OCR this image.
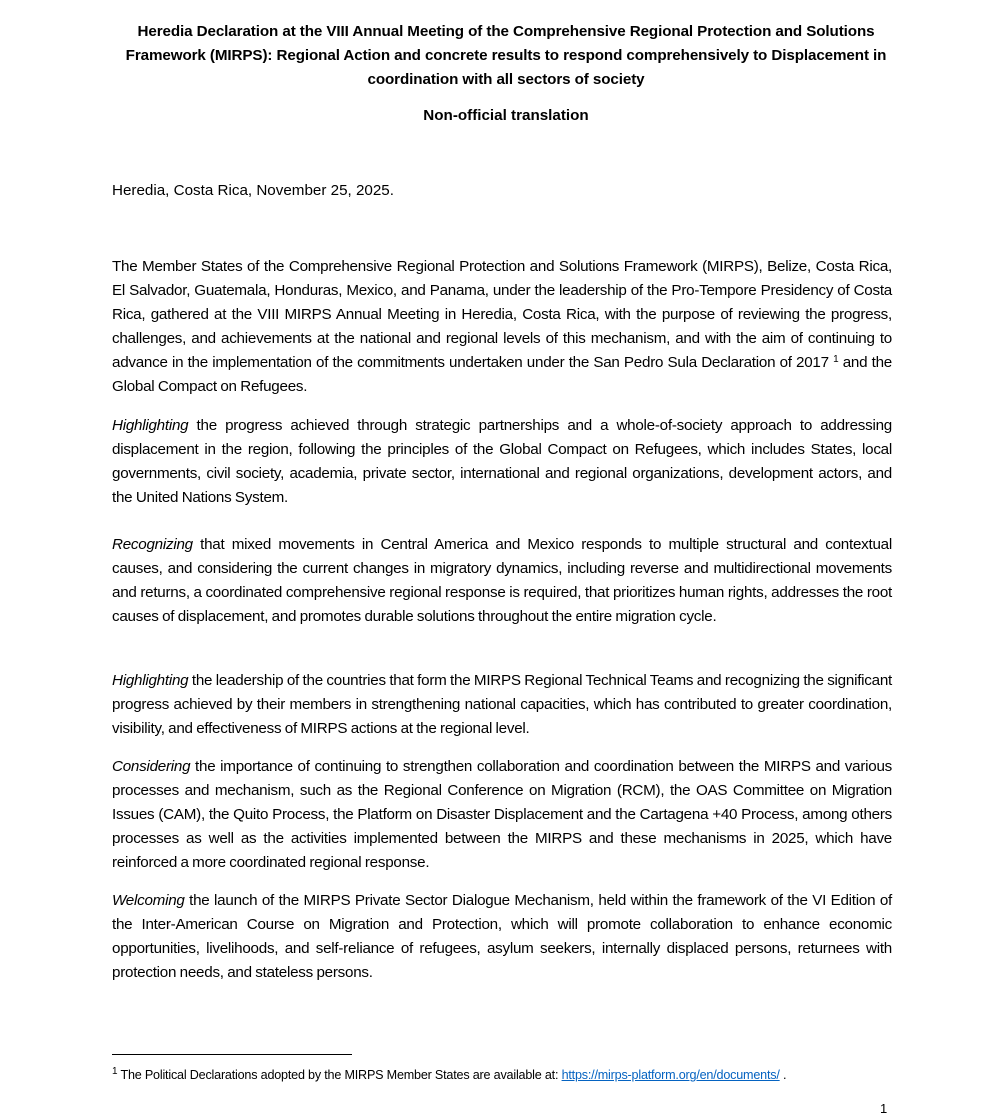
Heredia Declaration at the VIII Annual Meeting of the Comprehensive Regional Protection and Solutions Framework (MIRPS): Regional Action and concrete results to respond comprehensively to Displacement in coordination with all sectors of society
Non-official translation
Heredia, Costa Rica, November 25, 2025.

The Member States of the Comprehensive Regional Protection and Solutions Framework (MIRPS), Belize, Costa Rica, El Salvador, Guatemala, Honduras, Mexico, and Panama, under the leadership of the Pro-Tempore Presidency of Costa Rica, gathered at the VIII MIRPS Annual Meeting in Heredia, Costa Rica, with the purpose of reviewing the progress, challenges, and achievements at the national and regional levels of this mechanism, and with the aim of continuing to advance in the implementation of the commitments undertaken under the San Pedro Sula Declaration of 2017 $^1$ and the Global Compact on Refugees.

Highlighting the progress achieved through strategic partnerships and a whole-of-society approach to addressing displacement in the region, following the principles of the Global Compact on Refugees, which includes States, local governments, civil society, academia, private sector, international and regional organizations, development actors, and the United Nations System.

Recognizing that mixed movements in Central America and Mexico responds to multiple structural and contextual causes, and considering the current changes in migratory dynamics, including reverse and multidirectional movements and returns, a coordinated comprehensive regional response is required, that prioritizes human rights, addresses the root causes of displacement, and promotes durable solutions throughout the entire migration cycle.

Highlighting the leadership of the countries that form the MIRPS Regional Technical Teams and recognizing the significant progress achieved by their members in strengthening national capacities, which has contributed to greater coordination, visibility, and effectiveness of MIRPS actions at the regional level.

Considering the importance of continuing to strengthen collaboration and coordination between the MIRPS and various processes and mechanism, such as the Regional Conference on Migration (RCM), the OAS Committee on Migration Issues (CAM), the Quito Process, the Platform on Disaster Displacement and the Cartagena +40 Process, among others processes as well as the activities implemented between the MIRPS and these mechanisms in 2025, which have reinforced a more coordinated regional response.

Welcoming the launch of the MIRPS Private Sector Dialogue Mechanism, held within the framework of the VI Edition of the Inter-American Course on Migration and Protection, which will promote collaboration to enhance economic opportunities, livelihoods, and self-reliance of refugees, asylum seekers, internally displaced persons, returnees with protection needs, and stateless persons.

$^1$ The Political Declarations adopted by the MIRPS Member States are available at: https://mirps-platform.org/en/documents/ .
1
